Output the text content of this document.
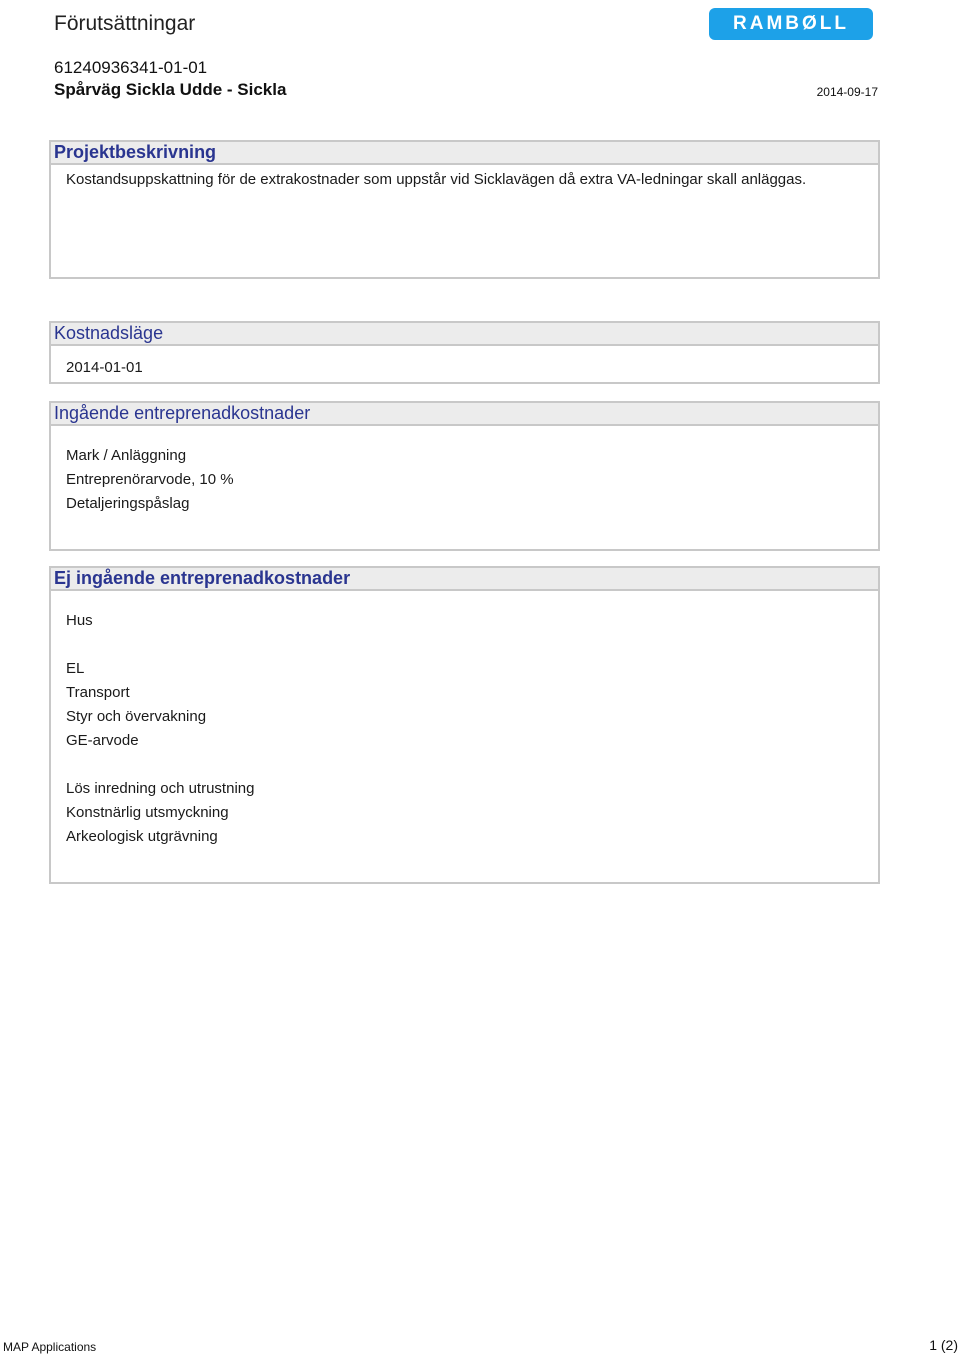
Förutsättningar	RAMBØLL
61240936341-01-01
Spårväg Sickla Udde - Sickla	2014-09-17
Projektbeskrivning
Kostandsuppskattning för de extrakostnader som uppstår vid Sicklavägen då extra VA-ledningar skall anläggas.
Kostnadsläge
2014-01-01
Ingående entreprenadkostnader
Mark / Anläggning
Entreprenörarvode, 10 %
Detaljeringspåslag
Ej ingående entreprenadkostnader
Hus
EL
Transport
Styr och övervakning
GE-arvode
Lös inredning och utrustning
Konstnärlig utsmyckning
Arkeologisk utgrävning
MAP Applications	1 (2)
